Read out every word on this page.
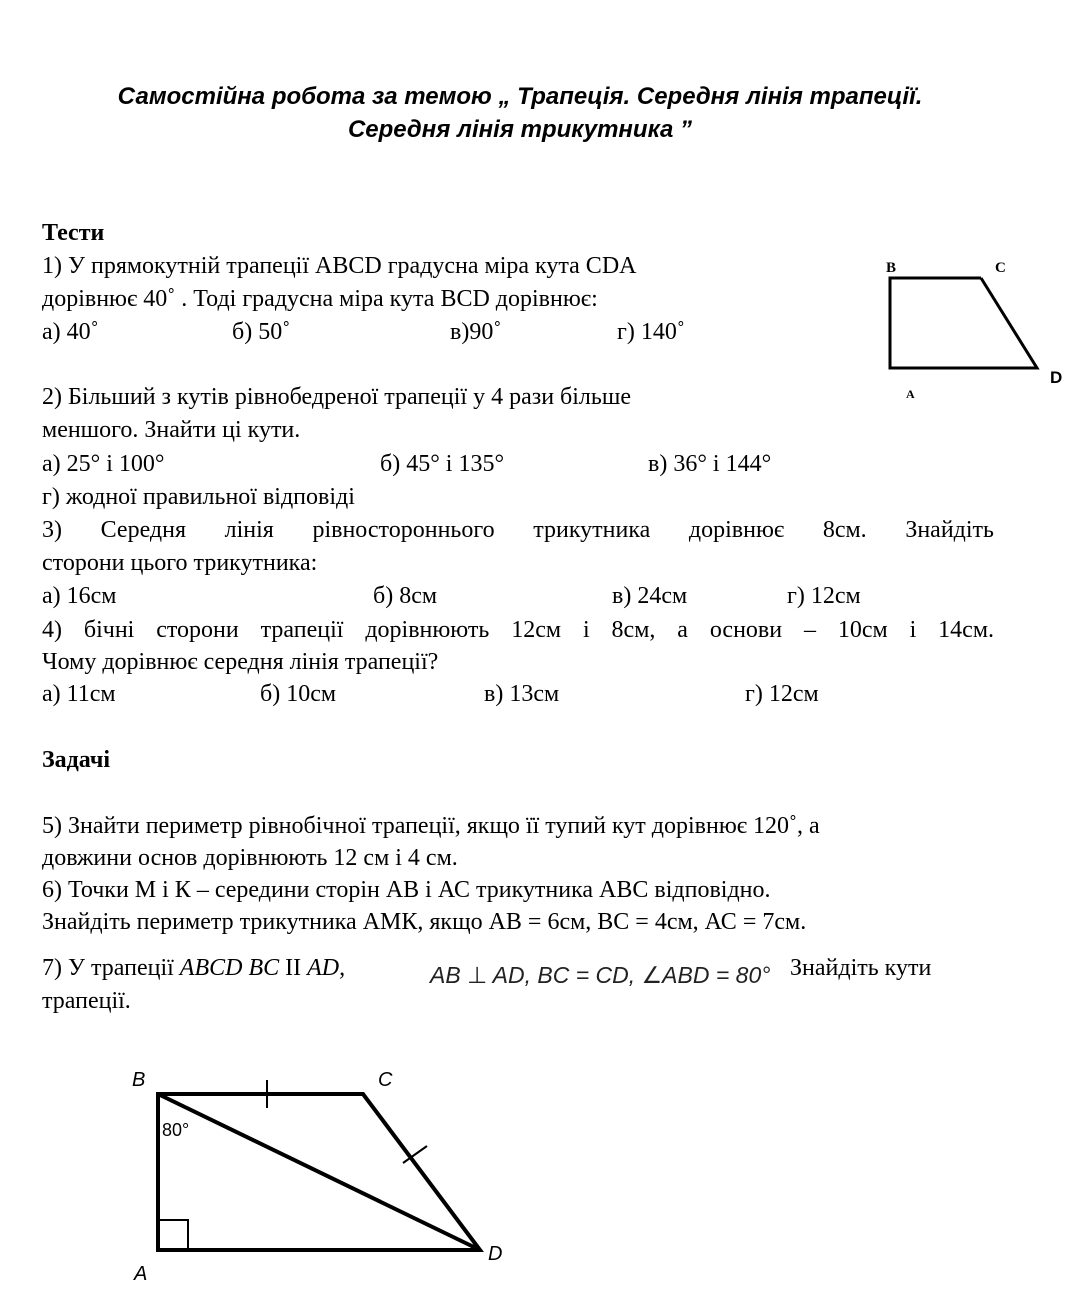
Самостійна робота за темою „ Трапеція. Середня лінія трапеції.
Середня лінія трикутника ”
Тести
1) У прямокутній трапеції ABCD градусна міра кута CDA
дорівнює 40˚ . Тоді градусна міра кута BCD дорівнює:
а) 40˚	б) 50˚	в)90˚	г) 140˚
2) Більший з кутів рівнобедреної трапеції у 4 рази більше
меншого. Знайти ці кути.
а) 25° і 100°	б) 45° і 135°	в) 36° і 144°
г) жодної правильної відповіді
3) Середня лінія рівностороннього трикутника дорівнює 8см. Знайдіть
сторони цього трикутника:
а) 16см	б) 8см	в) 24см	г) 12см
4) бічні сторони трапеції дорівнюють 12см і 8см, а основи – 10см і 14см.
Чому дорівнює середня лінія трапеції?
а) 11см	б) 10см	в) 13см	г) 12см
B	C
D
A
Задачі
5) Знайти периметр рівнобічної трапеції, якщо її тупий кут дорівнює 120˚, а
довжини основ дорівнюють 12 см і 4 см.
6) Точки М і К – середини сторін АВ і АС трикутника АВС відповідно.
Знайдіть периметр трикутника АМК, якщо АВ = 6см, ВС = 4см, АС = 7см.
7) У трапеції ABCD BC ІІ AD,	AB ⊥ AD, BC = CD, ∠ABD = 80° Знайдіть кути
трапеції.
B	C
A
D
80°
